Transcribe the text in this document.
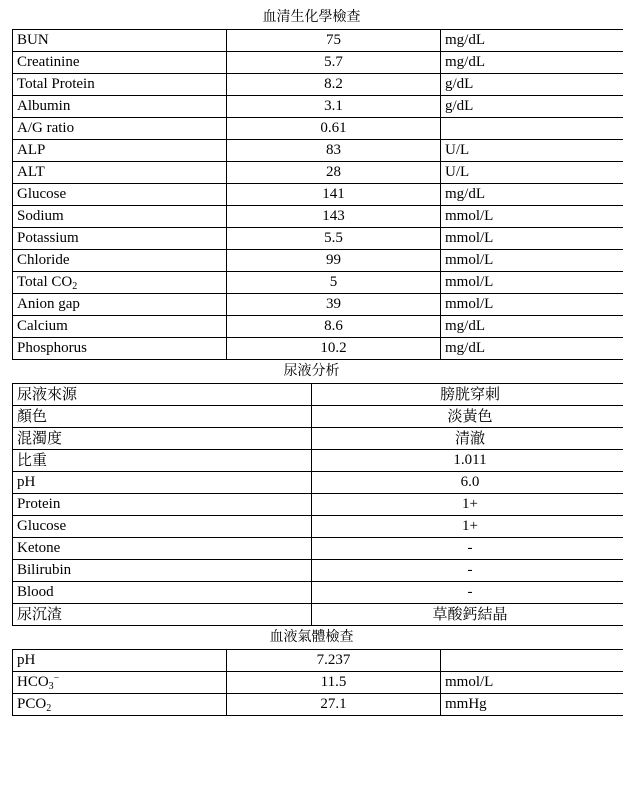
血清生化學檢查
BUN	75	mg/dL
Creatinine	5.7	mg/dL
Total Protein	8.2	g/dL
Albumin	3.1	g/dL
A/G ratio	0.61	
ALP	83	U/L
ALT	28	U/L
Glucose	141	mg/dL
Sodium	143	mmol/L
Potassium	5.5	mmol/L
Chloride	99	mmol/L
Total $CO_2$	5	mmol/L
Anion gap	39	mmol/L
Calcium	8.6	mg/dL
Phosphorus	10.2	mg/dL
尿液分析
尿液來源	膀胱穿刺
顏色	淡黃色
混濁度	清澈
比重	1.011
pH	6.0
Protein	1+
Glucose	1+
Ketone	-
Bilirubin	-
Blood	-
尿沉渣	草酸鈣結晶
血液氣體檢查
pH	7.237	
$HCO_3^-$	11.5	mmol/L
$PCO_2$	27.1	mmHg
